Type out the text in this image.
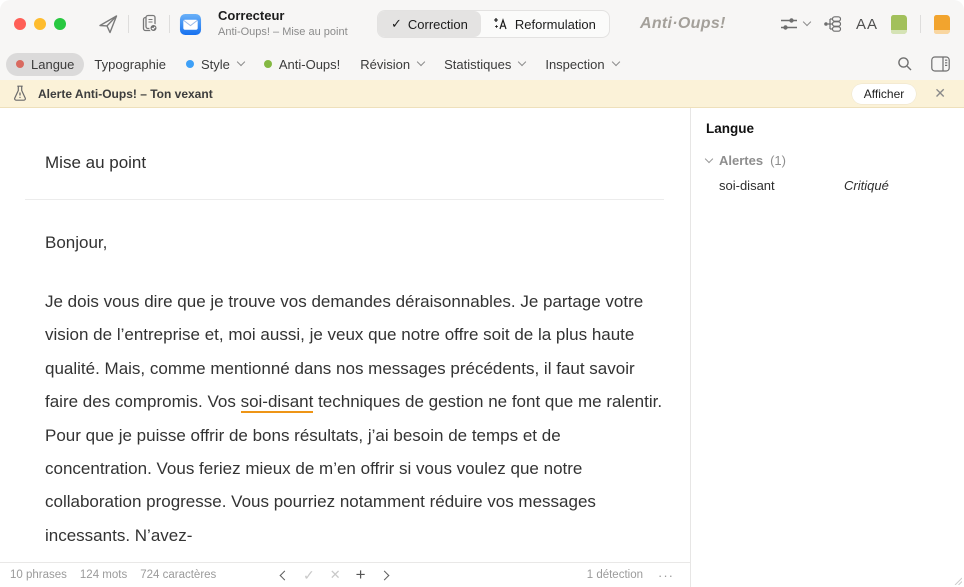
Correcteur
Anti-Oups! – Mise au point
✓ Correction	Reformulation	Anti·Oups!	AA
Langue Typographie	Style	Anti-Oups! Révision	Statistiques	Inspection
Alerte Anti-Oups! – Ton vexant	Afficher	✕
Mise au point
Bonjour,
Je dois vous dire que je trouve vos demandes déraisonnables. Je partage votre vision de l’entreprise et, moi aussi, je veux que notre offre soit de la plus haute qualité. Mais, comme mentionné dans nos messages précédents, il faut savoir faire des compromis. Vos soi-disant techniques de gestion ne font que me ralentir. Pour que je puisse offrir de bons résultats, j’ai besoin de temps et de concentration. Vous feriez mieux de m’en offrir si vous voulez que notre collaboration progresse. Vous pourriez notamment réduire vos messages incessants. N’avez-
10 phrases 124 mots 724 caractères	✓ ✕ +	1 détection ···
Langue
Alertes (1)
soi-disant	Critiqué
